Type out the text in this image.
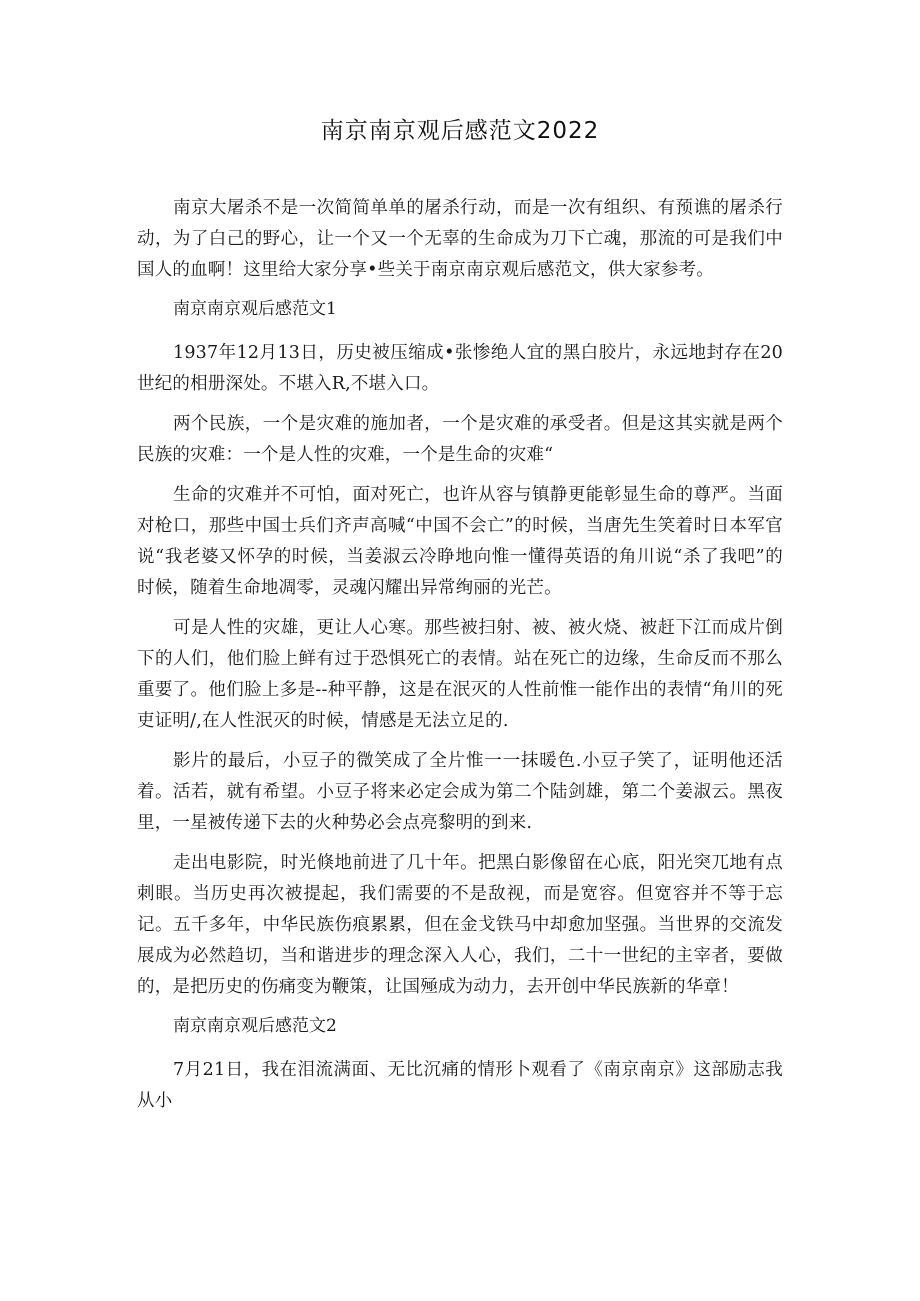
南京南京观后感范文2022

南京大屠杀不是一次简简单单的屠杀行动，而是一次有组织、有预谯的屠杀行动，为了白己的野心，让一个又一个无辜的生命成为刀下亡魂，那流的可是我们中国人的血啊！这里给大家分享•些关于南京南京观后感范文，供大家参考。

南京南京观后感范文1

1937年12月13日，历史被压缩成•张惨绝人宜的黑白胶片，永远地封存在20世纪的相册深处。不堪入R,不堪入口。

两个民族，一个是灾难的施加者，一个是灾难的承受者。但是这其实就是两个民族的灾难：一个是人性的灾难，一个是生命的灾难“

生命的灾难并不可怕，面对死亡，也许从容与镇静更能彰显生命的尊严。当面对枪口，那些中国士兵们齐声高喊“中国不会亡”的时候，当唐先生笑着时日本军官说“我老婆又怀孕的时候，当姜淑云冷睁地向惟一懂得英语的角川说“杀了我吧”的时候，随着生命地凋零，灵魂闪耀出异常绚丽的光芒。

可是人性的灾雄，更让人心寒。那些被扫射、被、被火烧、被赶下江而成片倒下的人们，他们脸上鲜有过于恐惧死亡的表情。站在死亡的边缘，生命反而不那么重要了。他们脸上多是--种平静，这是在泯灭的人性前惟一能作出的表情“角川的死吏证明/,在人性泯灭的时候，情感是无法立足的.

影片的最后，小豆子的微笑成了全片惟一一抹暖色.小豆子笑了，证明他还活着。活若，就有希望。小豆子将来必定会成为第二个陆剑雄，第二个姜淑云。黑夜里，一星被传递下去的火种势必会点亮黎明的到来.

走出电影院，时光倏地前进了几十年。把黑白影像留在心底，阳光突兀地有点刺眼。当历史再次被提起，我们需要的不是敌视，而是宽容。但宽容并不等于忘记。五千多年，中华民族伤痕累累，但在金戈铁马中却愈加坚强。当世界的交流发展成为必然趋切，当和谐进步的理念深入人心，我们，二十一世纪的主宰者，要做的，是把历史的伤痛变为鞭策，让国殛成为动力，去开创中华民族新的华章！

南京南京观后感范文2

7月21日，我在泪流满面、无比沉痛的情形卜观看了《南京南京》这部励志我从小
